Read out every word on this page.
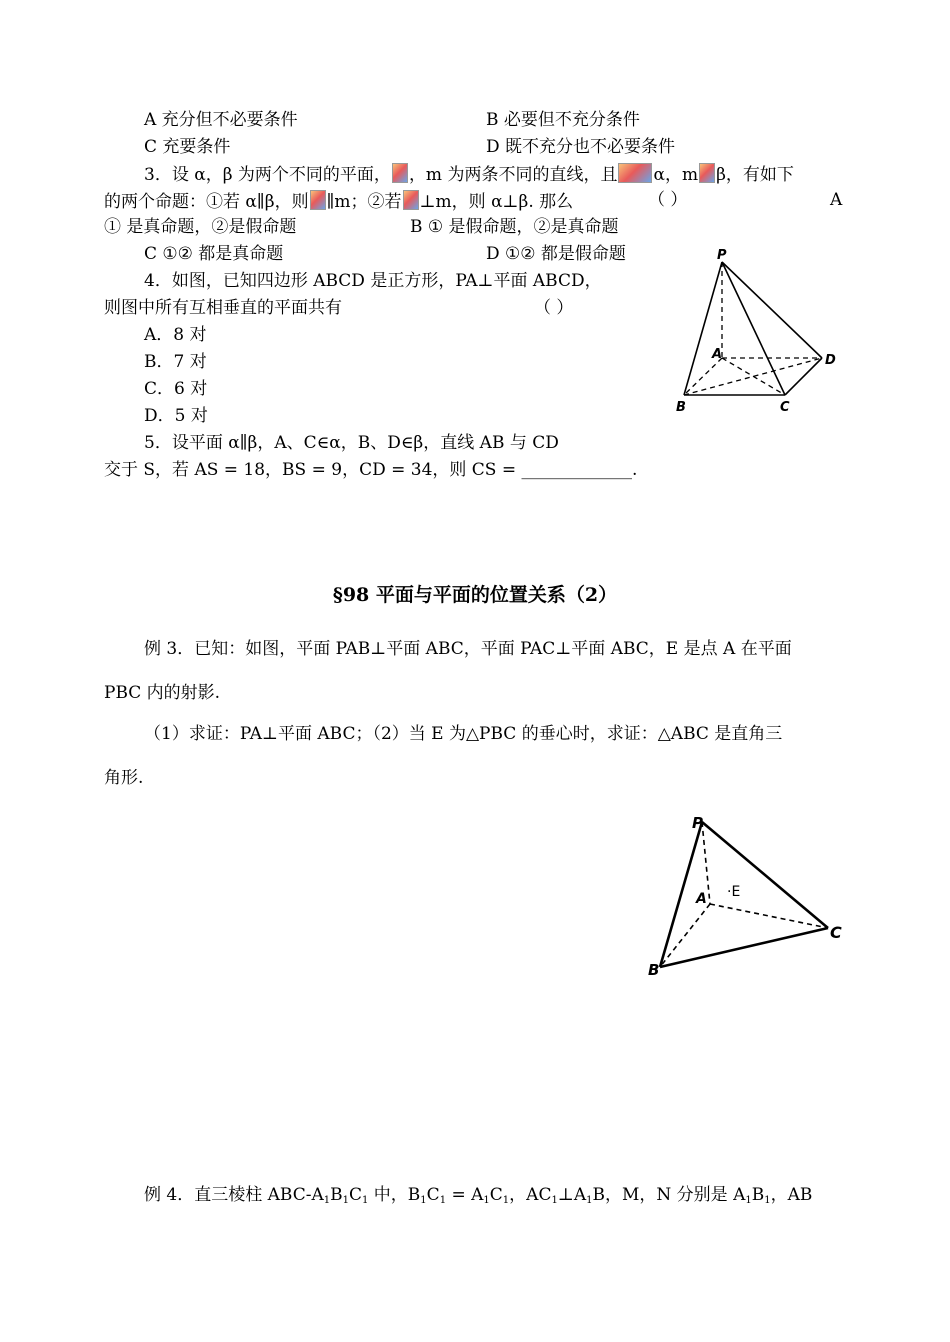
A 充分但不必要条件	B 必要但不充分条件
C 充要条件	D 既不充分也不必要条件
3．设 α，β 为两个不同的平面， ，m 为两条不同的直线，且 α，m β，有如下
的两个命题：①若 α∥β，则 ∥m；②若 ⊥m，则 α⊥β. 那么	（ ）	A
① 是真命题，②是假命题	B ① 是假命题，②是真命题
C ①② 都是真命题	D ①② 都是假命题
4．如图，已知四边形 ABCD 是正方形，PA⊥平面 ABCD，
则图中所有互相垂直的平面共有	（ ）
A．8 对
B．7 对
C．6 对
D．5 对
P
A
B	C
D
5．设平面 α∥β，A、C∈α，B、D∈β，直线 AB 与 CD
交于 S，若 AS = 18，BS = 9，CD = 34，则 CS = _____________.
§98 平面与平面的位置关系（2）
例 3．已知：如图，平面 PAB⊥平面 ABC，平面 PAC⊥平面 ABC，E 是点 A 在平面
PBC 内的射影.
（1）求证：PA⊥平面 ABC；（2）当 E 为△PBC 的垂心时，求证：△ABC 是直角三
角形.
P
A ·E
B
C
例 4．直三棱柱 ABC-$A_1B_1C_1$ 中，$B_1C_1 = A_1C_1$，$AC_1\perp A_1B$，M，N 分别是 $A_1B_1$，AB
